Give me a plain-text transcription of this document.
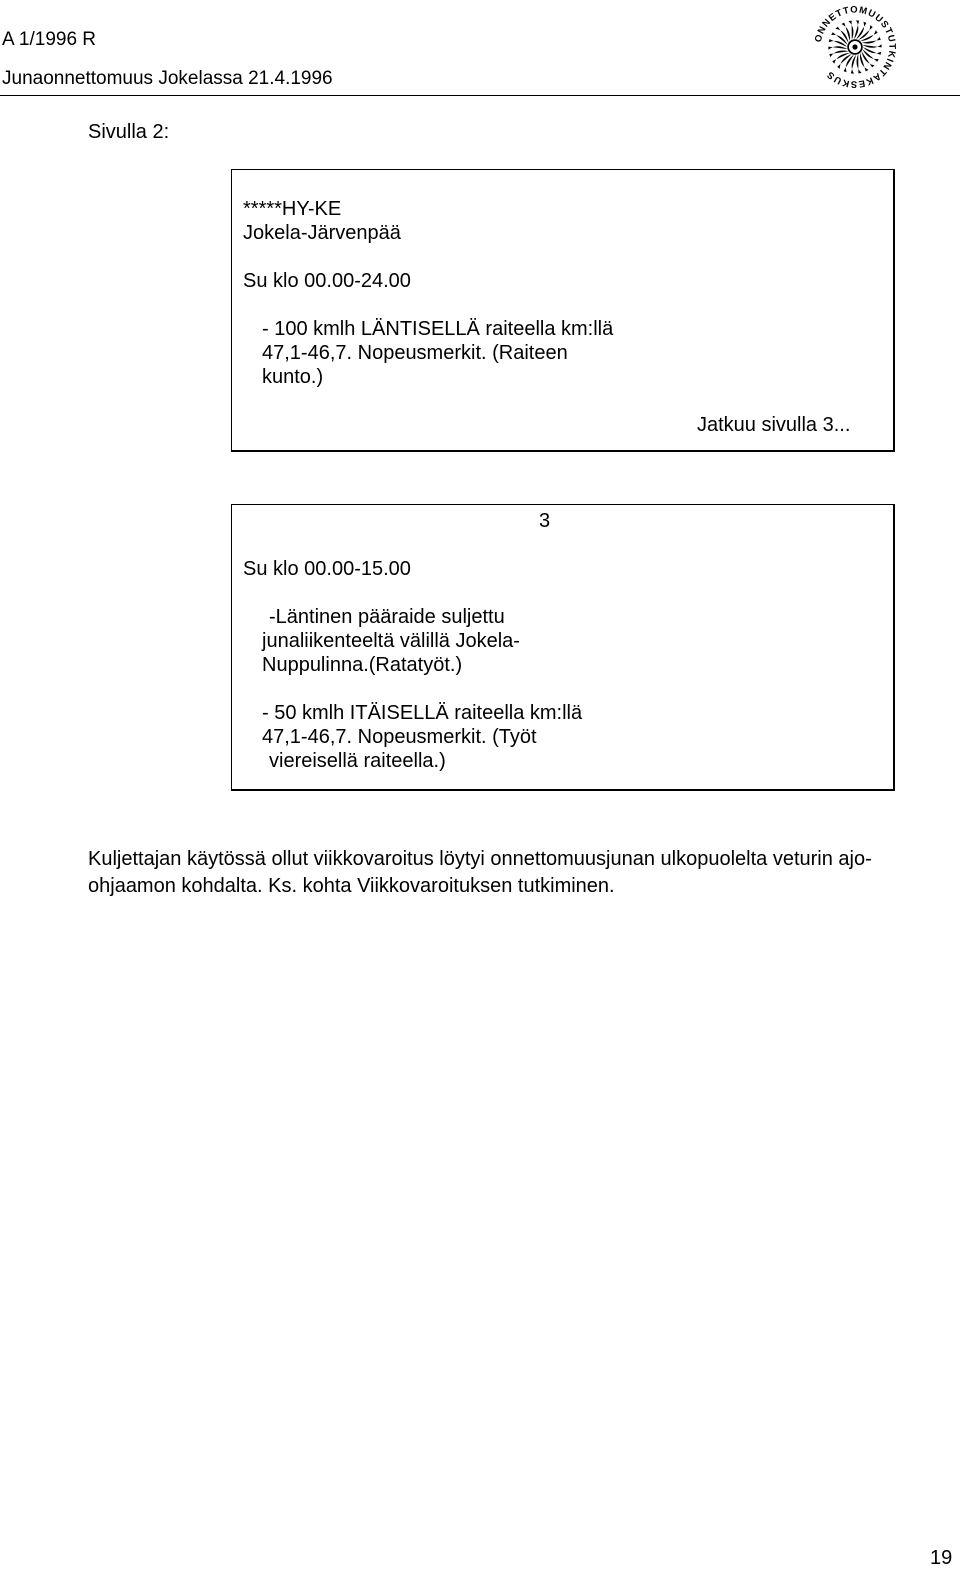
A 1/1996 R
Junaonnettomuus Jokelassa 21.4.1996
ONNETTOMUUSTUTKINTAKESKUS
Sivulla 2:
*****HY-KE
Jokela-Järvenpää
Su klo 00.00-24.00
- 100 kmlh LÄNTISELLÄ raiteella km:llä
47,1-46,7. Nopeusmerkit. (Raiteen
kunto.)
Jatkuu sivulla 3...
3
Su klo 00.00-15.00
-Läntinen pääraide suljettu
junaliikenteeltä välillä Jokela-
Nuppulinna.(Ratatyöt.)
- 50 kmlh ITÄISELLÄ raiteella km:llä
47,1-46,7. Nopeusmerkit. (Työt
viereisellä raiteella.)
Kuljettajan käytössä ollut viikkovaroitus löytyi onnettomuusjunan ulkopuolelta veturin ajo-
ohjaamon kohdalta. Ks. kohta Viikkovaroituksen tutkiminen.
19
